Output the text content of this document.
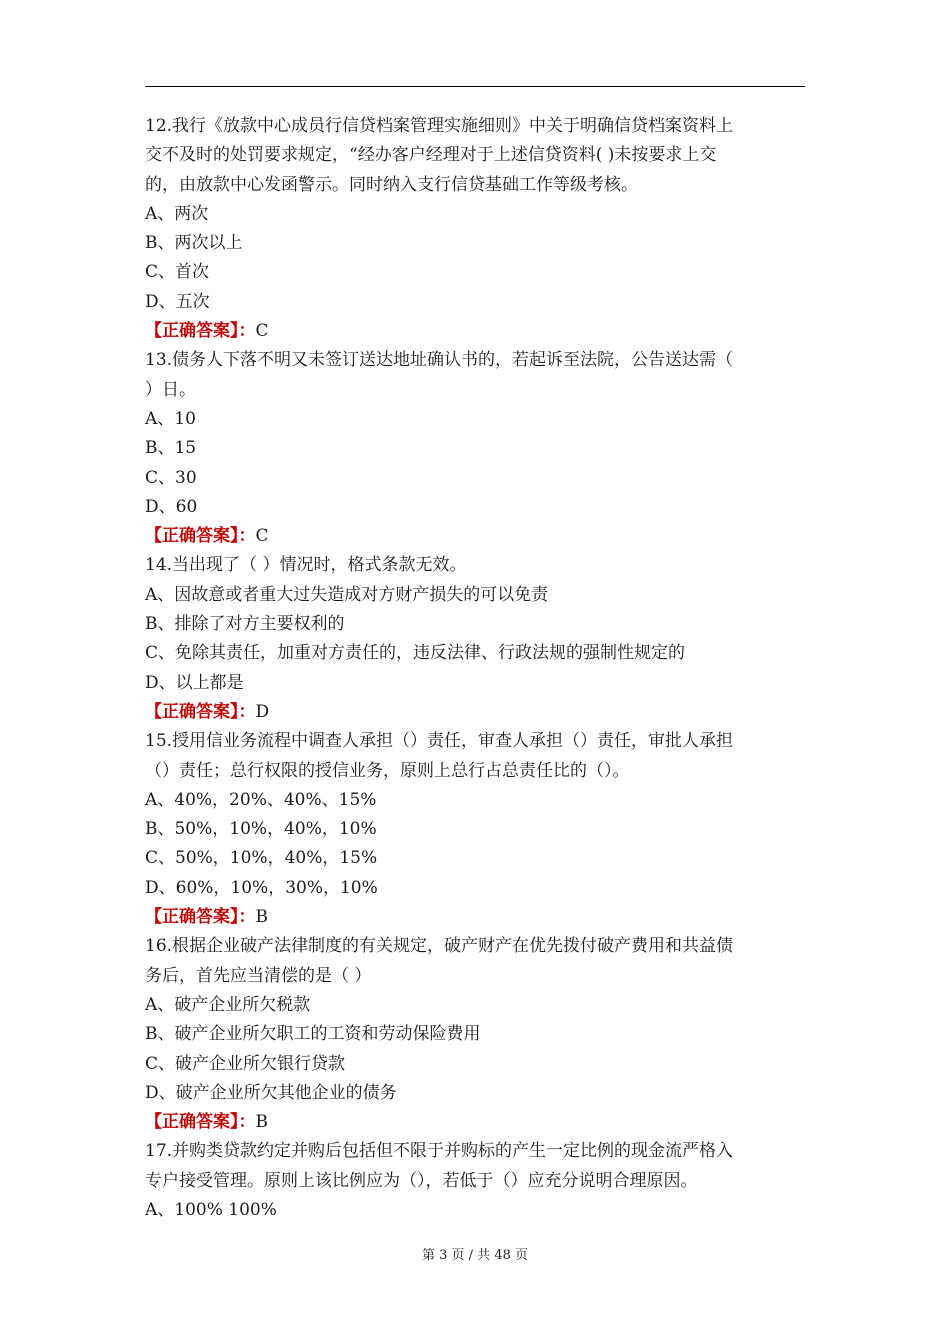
12.我行《放款中心成员行信贷档案管理实施细则》中关于明确信贷档案资料上
交不及时的处罚要求规定，“经办客户经理对于上述信贷资料( )未按要求上交
的，由放款中心发函警示。同时纳入支行信贷基础工作等级考核。
A、两次
B、两次以上
C、首次
D、五次
【正确答案】：C
13.债务人下落不明又未签订送达地址确认书的，若起诉至法院，公告送达需（
）日。
A、10
B、15
C、30
D、60
【正确答案】：C
14.当出现了（ ）情况时，格式条款无效。
A、因故意或者重大过失造成对方财产损失的可以免责
B、排除了对方主要权利的
C、免除其责任，加重对方责任的，违反法律、行政法规的强制性规定的
D、以上都是
【正确答案】：D
15.授用信业务流程中调查人承担（）责任，审查人承担（）责任，审批人承担
（）责任；总行权限的授信业务，原则上总行占总责任比的（）。
A、40%，20%、40%、15%
B、50%，10%，40%，10%
C、50%，10%，40%，15%
D、60%，10%，30%，10%
【正确答案】：B
16.根据企业破产法律制度的有关规定，破产财产在优先拨付破产费用和共益债
务后，首先应当清偿的是（ ）
A、破产企业所欠税款
B、破产企业所欠职工的工资和劳动保险费用
C、破产企业所欠银行贷款
D、破产企业所欠其他企业的债务
【正确答案】：B
17.并购类贷款约定并购后包括但不限于并购标的产生一定比例的现金流严格入
专户接受管理。原则上该比例应为（），若低于（）应充分说明合理原因。
A、100% 100%
第 3 页 / 共 48 页
